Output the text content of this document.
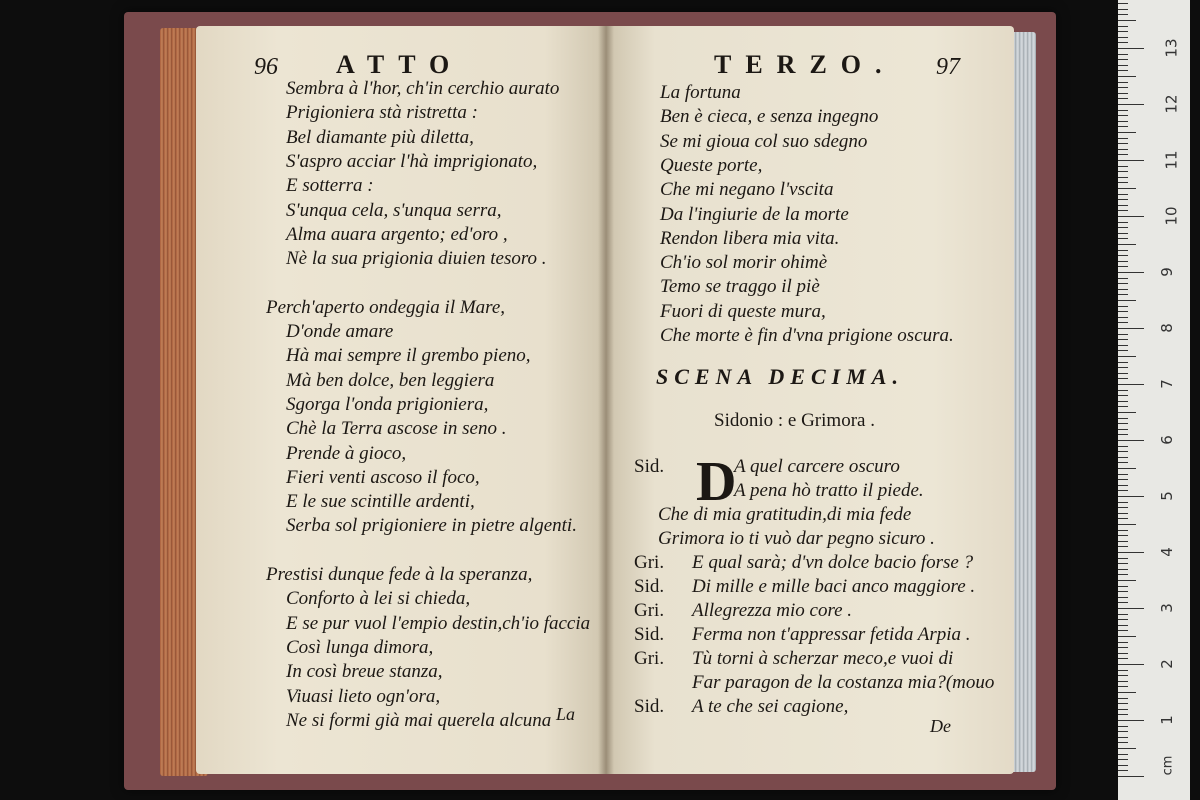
96 ATTO
Sembra à l'hor, ch'in cerchio aurato
Prigioniera stà ristretta :
Bel diamante più diletta,
S'aspro acciar l'hà imprigionato,
E sotterra :
S'unqua cela, s'unqua serra,
Alma auara argento; ed'oro ,
Nè la sua prigionia diuien tesoro .
Perch'aperto ondeggia il Mare,
D'onde amare
Hà mai sempre il grembo pieno,
Mà ben dolce, ben leggiera
Sgorga l'onda prigioniera,
Chè la Terra ascose in seno .
Prende à gioco,
Fieri venti ascoso il foco,
E le sue scintille ardenti,
Serba sol prigioniere in pietre algenti.
Prestisi dunque fede à la speranza,
Conforto à lei si chieda,
E se pur vuol l'empio destin,ch'io faccia
Così lunga dimora,
In così breue stanza,
Viuasi lieto ogn'ora,
Ne si formi già mai querela alcuna La
TERZO. 97
La fortuna
Ben è cieca, e senza ingegno
Se mi gioua col suo sdegno
Queste porte,
Che mi negano l'vscita
Da l'ingiurie de la morte
Rendon libera mia vita.
Ch'io sol morir ohimè
Temo se traggo il piè
Fuori di queste mura,
Che morte è fin d'vna prigione oscura.
SCENA DECIMA.
Sidonio : e Grimora .
D
Sid.	A quel carcere oscuro
A pena hò tratto il piede.
Che di mia gratitudin,di mia fede
Grimora io ti vuò dar pegno sicuro .
Gri. E qual sarà; d'vn dolce bacio forse ?
Sid. Di mille e mille baci anco maggiore .
Gri. Allegrezza mio core .
Sid. Ferma non t'appressar fetida Arpia .
Gri. Tù torni à scherzar meco,e vuoi di
Far paragon de la costanza mia?(mouo
Sid. A te che sei cagione,
De
cm
1
2
3
4
5
6
7
8
9
10
11
12
13
